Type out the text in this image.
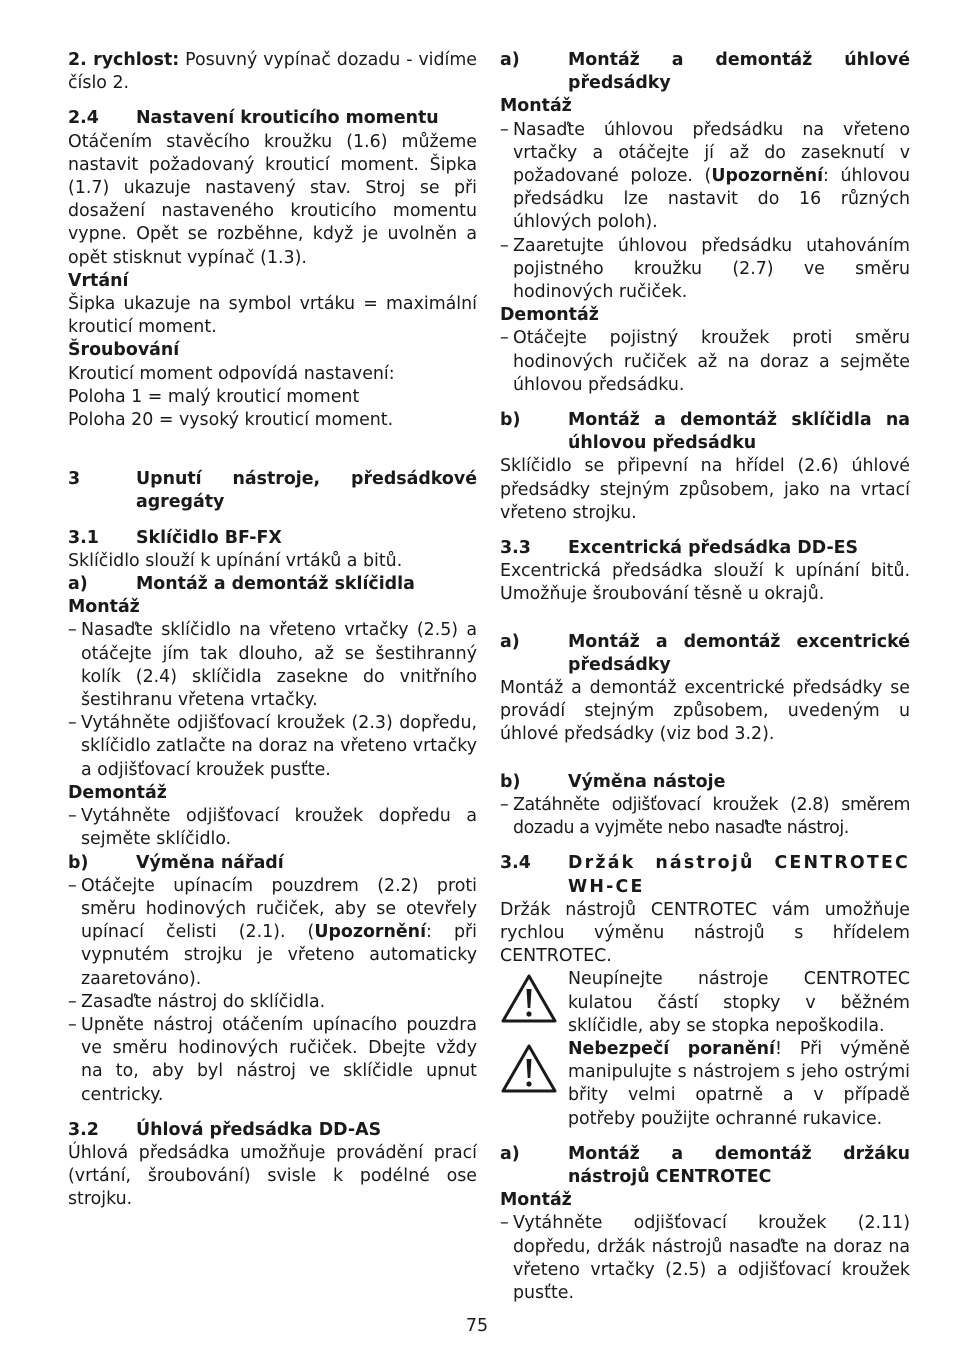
2. rychlost: Posuvný vypínač dozadu - vidíme číslo 2.

2.4	Nastavení krouticího momentu

Otáčením stavěcího kroužku (1.6) můžeme nastavit požadovaný krouticí moment. Šipka (1.7) ukazuje nastavený stav. Stroj se při dosažení nastaveného krouticího momentu vypne. Opět se rozběhne, když je uvolněn a opět stisknut vypínač (1.3).

Vrtání

Šipka ukazuje na symbol vrtáku = maximální krouticí moment.

Šroubování

Krouticí moment odpovídá nastavení:

Poloha 1 = malý krouticí moment

Poloha 20 = vysoký krouticí moment.

3	Upnutí nástroje, předsádkové agregáty
3.1	Sklíčidlo BF-FX

Sklíčidlo slouží k upínání vrtáků a bitů.

a)	Montáž a demontáž sklíčidla

Montáž

– Nasaďte sklíčidlo na vřeteno vrtačky (2.5) a otáčejte jím tak dlouho, až se šestihranný kolík (2.4) sklíčidla zasekne do vnitřního šestihranu vřetena vrtačky.
– Vytáhněte odjišťovací kroužek (2.3) dopředu, sklíčidlo zatlačte na doraz na vřeteno vrtačky a odjišťovací kroužek pusťte.

Demontáž

– Vytáhněte odjišťovací kroužek dopředu a sejměte sklíčidlo.
b)	Výměna nářadí
– Otáčejte upínacím pouzdrem (2.2) proti směru hodinových ručiček, aby se otevřely upínací čelisti (2.1). (Upozornění: při vypnutém strojku je vřeteno automaticky zaaretováno).
– Zasaďte nástroj do sklíčidla.
– Upněte nástroj otáčením upínacího pouzdra ve směru hodinových ručiček. Dbejte vždy na to, aby byl nástroj ve sklíčidle upnut centricky.
3.2	Úhlová předsádka DD-AS

Úhlová předsádka umožňuje provádění prací (vrtání, šroubování) svisle k podélné ose strojku.

a)	Montáž a demontáž úhlové předsádky

Montáž

– Nasaďte úhlovou předsádku na vřeteno vrtačky a otáčejte jí až do zaseknutí v požadované poloze. (Upozornění: úhlovou předsádku lze nastavit do 16 různých úhlových poloh).
– Zaaretujte úhlovou předsádku utahováním pojistného kroužku (2.7) ve směru hodinových ručiček.

Demontáž

– Otáčejte pojistný kroužek proti směru hodinových ručiček až na doraz a sejměte úhlovou předsádku.
b)	Montáž a demontáž sklíčidla na úhlovou předsádku

Sklíčidlo se připevní na hřídel (2.6) úhlové předsádky stejným způsobem, jako na vrtací vřeteno strojku.

3.3	Excentrická předsádka DD-ES

Excentrická předsádka slouží k upínání bitů. Umožňuje šroubování těsně u okrajů.

a)	Montáž a demontáž excentrické předsádky

Montáž a demontáž excentrické předsádky se provádí stejným způsobem, uvedeným u úhlové předsádky (viz bod 3.2).

b)	Výměna nástoje
– Zatáhněte odjišťovací kroužek (2.8) směrem dozadu a vyjměte nebo nasaďte nástroj.
3.4	Držák nástrojů CENTROTEC WH-CE

Držák nástrojů CENTROTEC vám umožňuje rychlou výměnu nástrojů s hřídelem CENTROTEC.

Neupínejte nástroje CENTROTEC kulatou částí stopky v běžném sklíčidle, aby se stopka nepoškodila.

Nebezpečí poranění! Při výměně manipulujte s nástrojem s jeho ostrými břity velmi opatrně a v případě potřeby použijte ochranné rukavice.

a)	Montáž a demontáž držáku nástrojů CENTROTEC

Montáž

– Vytáhněte odjišťovací kroužek (2.11) dopředu, držák nástrojů nasaďte na doraz na vřeteno vrtačky (2.5) a odjišťovací kroužek pusťte.
75
